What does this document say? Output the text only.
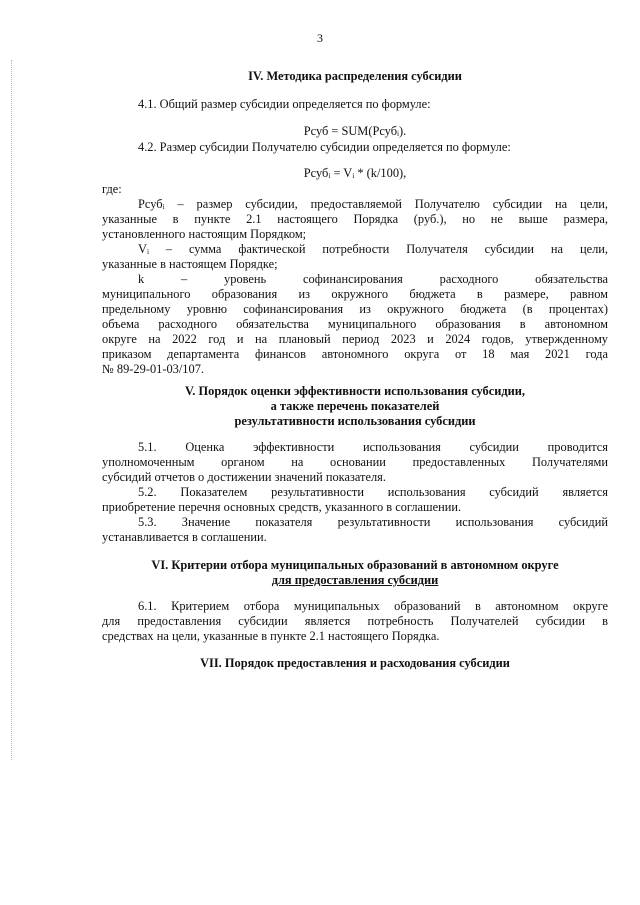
3
IV. Методика распределения субсидии

4.1. Общий размер субсидии определяется по формуле:

Рсуб = SUM(Рсубᵢ).

4.2. Размер субсидии Получателю субсидии определяется по формуле:

Рсубᵢ = Vᵢ * (k/100),

где:

Рсубᵢ – размер субсидии, предоставляемой Получателю субсидии на цели,

указанные в пункте 2.1 настоящего Порядка (руб.), но не выше размера,

установленного настоящим Порядком;

Vᵢ – сумма фактической потребности Получателя субсидии на цели,

указанные в настоящем Порядке;

k – уровень софинансирования расходного обязательства

муниципального образования из окружного бюджета в размере, равном

предельному уровню софинансирования из окружного бюджета (в процентах)

объема расходного обязательства муниципального образования в автономном

округе на 2022 год и на плановый период 2023 и 2024 годов, утвержденному

приказом департамента финансов автономного округа от 18 мая 2021 года

№ 89-29-01-03/107.

V. Порядок оценки эффективности использования субсидии,
а также перечень показателей
результативности использования субсидии

5.1. Оценка эффективности использования субсидии проводится

уполномоченным органом на основании предоставленных Получателями

субсидий отчетов о достижении значений показателя.

5.2. Показателем результативности использования субсидий является

приобретение перечня основных средств, указанного в соглашении.

5.3. Значение показателя результативности использования субсидий

устанавливается в соглашении.

VI. Критерии отбора муниципальных образований в автономном округе
для предоставления субсидии

6.1. Критерием отбора муниципальных образований в автономном округе

для предоставления субсидии является потребность Получателей субсидии в

средствах на цели, указанные в пункте 2.1 настоящего Порядка.

VII. Порядок предоставления и расходования субсидии
